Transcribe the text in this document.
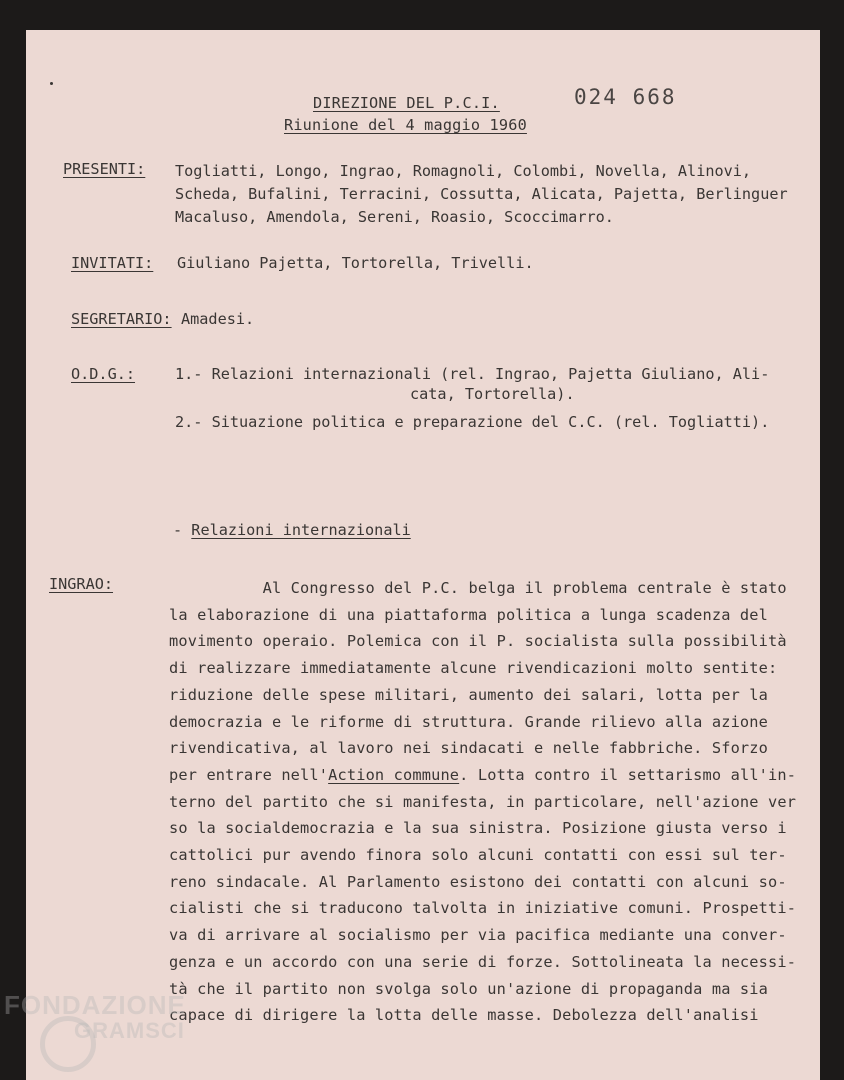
DIREZIONE DEL P.C.I.
Riunione del 4 maggio 1960
024 668
PRESENTI: Togliatti, Longo, Ingrao, Romagnoli, Colombi, Novella, Alinovi,
Scheda, Bufalini, Terracini, Cossutta, Alicata, Pajetta, Berlinguer
Macaluso, Amendola, Sereni, Roasio, Scoccimarro.
INVITATI: Giuliano Pajetta, Tortorella, Trivelli.
SEGRETARIO: Amadesi.
O.D.G.:	1.- Relazioni internazionali (rel. Ingrao, Pajetta Giuliano, Ali-
cata, Tortorella).
2.- Situazione politica e preparazione del C.C. (rel. Togliatti).
- Relazioni internazionali
INGRAO:	Al Congresso del P.C. belga il problema centrale è stato
la elaborazione di una piattaforma politica a lunga scadenza del
movimento operaio. Polemica con il P. socialista sulla possibilità
di realizzare immediatamente alcune rivendicazioni molto sentite:
riduzione delle spese militari, aumento dei salari, lotta per la
democrazia e le riforme di struttura. Grande rilievo alla azione
rivendicativa, al lavoro nei sindacati e nelle fabbriche. Sforzo
per entrare nell'Action commune. Lotta contro il settarismo all'in-
terno del partito che si manifesta, in particolare, nell'azione ver
so la socialdemocrazia e la sua sinistra. Posizione giusta verso i
cattolici pur avendo finora solo alcuni contatti con essi sul ter-
reno sindacale. Al Parlamento esistono dei contatti con alcuni so-
cialisti che si traducono talvolta in iniziative comuni. Prospetti-
va di arrivare al socialismo per via pacifica mediante una conver-
genza e un accordo con una serie di forze. Sottolineata la necessi-
tà che il partito non svolga solo un'azione di propaganda ma sia
capace di dirigere la lotta delle masse. Debolezza dell'analisi
FONDAZIONE
GRAMSCI
